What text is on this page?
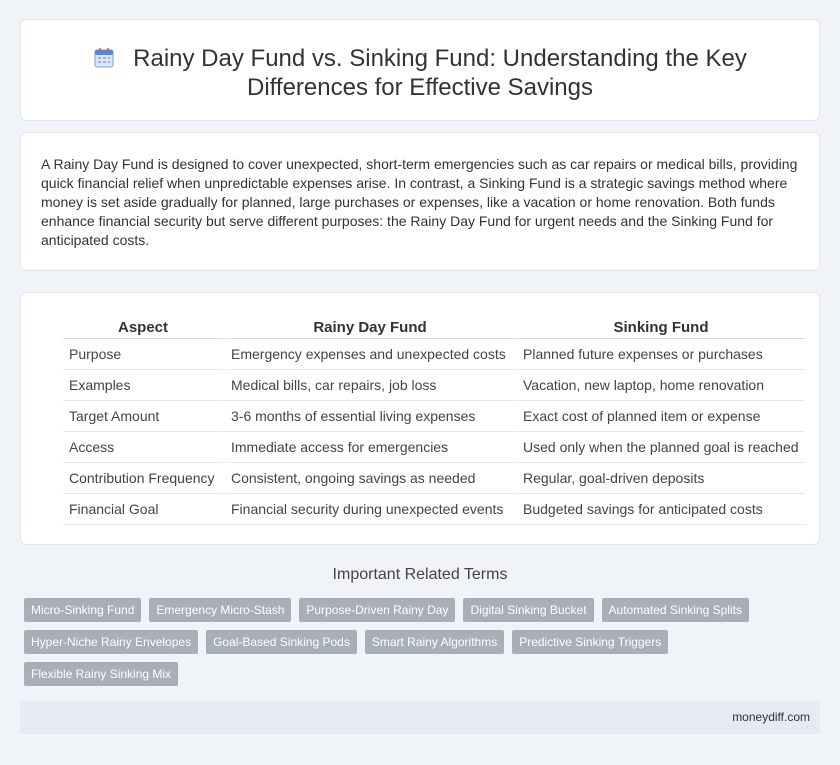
Rainy Day Fund vs. Sinking Fund: Understanding the Key Differences for Effective Savings

A Rainy Day Fund is designed to cover unexpected, short-term emergencies such as car repairs or medical bills, providing quick financial relief when unpredictable expenses arise. In contrast, a Sinking Fund is a strategic savings method where money is set aside gradually for planned, large purchases or expenses, like a vacation or home renovation. Both funds enhance financial security but serve different purposes: the Rainy Day Fund for urgent needs and the Sinking Fund for anticipated costs.

Aspect	Rainy Day Fund	Sinking Fund
Purpose	Emergency expenses and unexpected costs	Planned future expenses or purchases
Examples	Medical bills, car repairs, job loss	Vacation, new laptop, home renovation
Target Amount	3-6 months of essential living expenses	Exact cost of planned item or expense
Access	Immediate access for emergencies	Used only when the planned goal is reached
Contribution Frequency	Consistent, ongoing savings as needed	Regular, goal-driven deposits
Financial Goal	Financial security during unexpected events	Budgeted savings for anticipated costs
Important Related Terms
Micro-Sinking Fund	Emergency Micro-Stash	Purpose-Driven Rainy Day	Digital Sinking Bucket	Automated Sinking Splits
Hyper-Niche Rainy Envelopes	Goal-Based Sinking Pods	Smart Rainy Algorithms	Predictive Sinking Triggers
Flexible Rainy Sinking Mix
moneydiff.com
